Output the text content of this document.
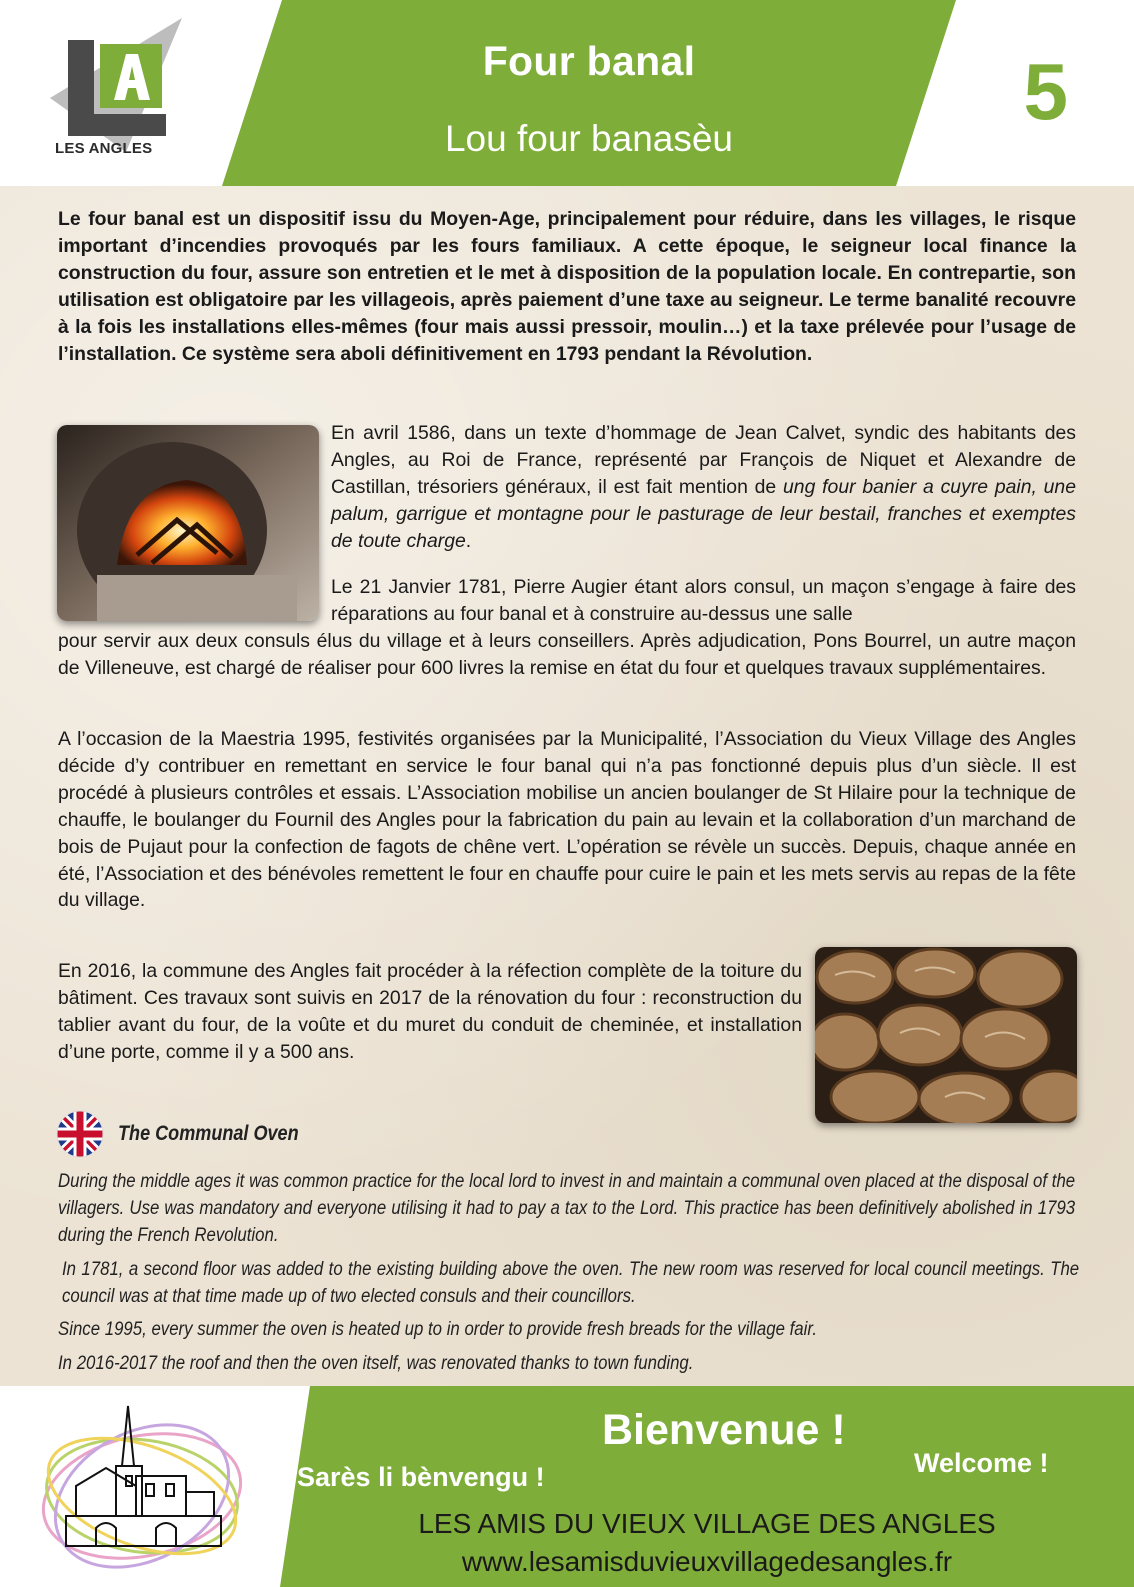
LES ANGLES
Four banal
Lou four banasèu
5

Le four banal est un dispositif issu du Moyen-Age, principalement pour réduire, dans les villages, le risque important d’incendies provoqués par les fours familiaux. A cette époque, le seigneur local finance la construction du four, assure son entretien et le met à disposition de la population locale. En contrepartie, son utilisation est obligatoire par les villageois, après paiement d’une taxe au seigneur. Le terme banalité recouvre à la fois les installations elles-mêmes (four mais aussi pressoir, moulin…) et la taxe prélevée pour l’usage de l’installation. Ce système sera aboli définitivement en 1793 pendant la Révolution.

En avril 1586, dans un texte d’hommage de Jean Calvet, syndic des habitants des Angles, au Roi de France, représenté par François de Niquet et Alexandre de Castillan, trésoriers généraux, il est fait mention de ung four banier a cuyre pain, une palum, garrigue et montagne pour le pasturage de leur bestail, franches et exemptes de toute charge.

Le 21 Janvier 1781, Pierre Augier étant alors consul, un maçon s’engage à faire des réparations au four banal et à construire au-dessus une salle

pour servir aux deux consuls élus du village et à leurs conseillers. Après adjudication, Pons Bourrel, un autre maçon de Villeneuve, est chargé de réaliser pour 600 livres la remise en état du four et quelques travaux supplémentaires.

A l’occasion de la Maestria 1995, festivités organisées par la Municipalité, l’Association du Vieux Village des Angles décide d’y contribuer en remettant en service le four banal qui n’a pas fonctionné depuis plus d’un siècle. Il est procédé à plusieurs contrôles et essais. L’Association mobilise un ancien boulanger de St Hilaire pour la technique de chauffe, le boulanger du Fournil des Angles pour la fabrication du pain au levain et la collaboration d’un marchand de bois de Pujaut pour la confection de fagots de chêne vert. L’opération se révèle un succès. Depuis, chaque année en été, l’Association et des bénévoles remettent le four en chauffe pour cuire le pain et les mets servis au repas de la fête du village.

En 2016, la commune des Angles fait procéder à la réfection complète de la toiture du bâtiment. Ces travaux sont suivis en 2017 de la rénovation du four : reconstruction du tablier avant du four, de la voûte et du muret du conduit de cheminée, et installation d’une porte, comme il y a 500 ans.

The Communal Oven

During the middle ages it was common practice for the local lord to invest in and maintain a communal oven placed at the disposal of the villagers. Use was mandatory and everyone utilising it had to pay a tax to the Lord. This practice has been definitively abolished in 1793 during the French Revolution.

In 1781, a second floor was added to the existing building above the oven. The new room was reserved for local council meetings. The council was at that time made up of two elected consuls and their councillors.

Since 1995, every summer the oven is heated up to in order to provide fresh breads for the village fair.

In 2016-2017 the roof and then the oven itself, was renovated thanks to town funding.

Bienvenue !
Sarès li bènvengu !	Welcome !
LES AMIS DU VIEUX VILLAGE DES ANGLES
www.lesamisduvieuxvillagedesangles.fr
